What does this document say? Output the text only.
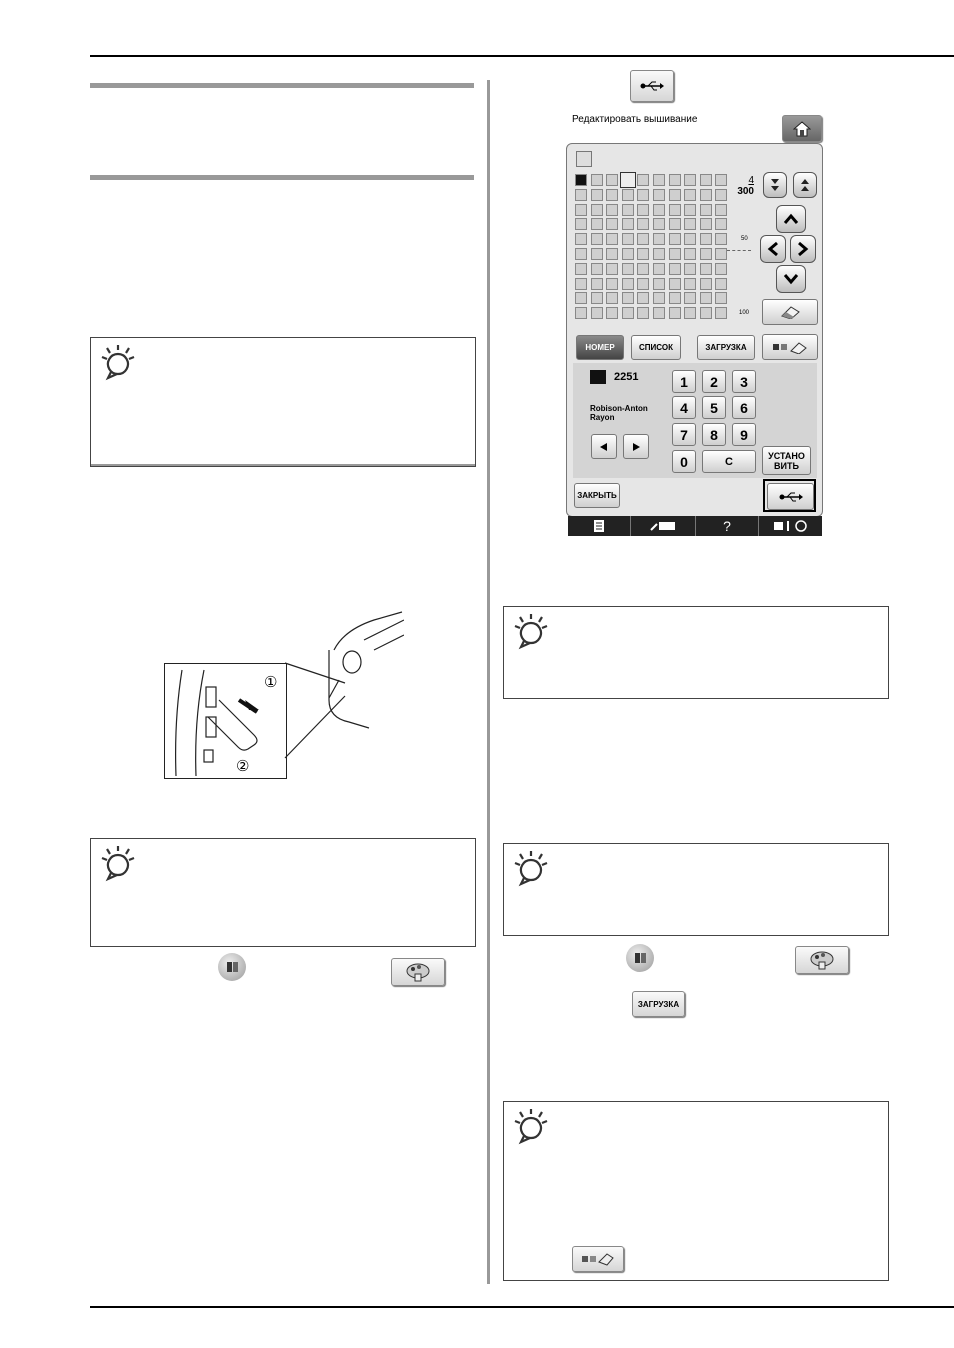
①
②
ЗАГРУЗКА
Редактировать вышивание
4
300
50
100
НОМЕР	СПИСОК	ЗАГРУЗКА
2251
Robison-Anton Rayon
1	2	3
4	5	6
7	8	9
0	C	УСТАНО ВИТЬ
ЗАКРЫТЬ
?
